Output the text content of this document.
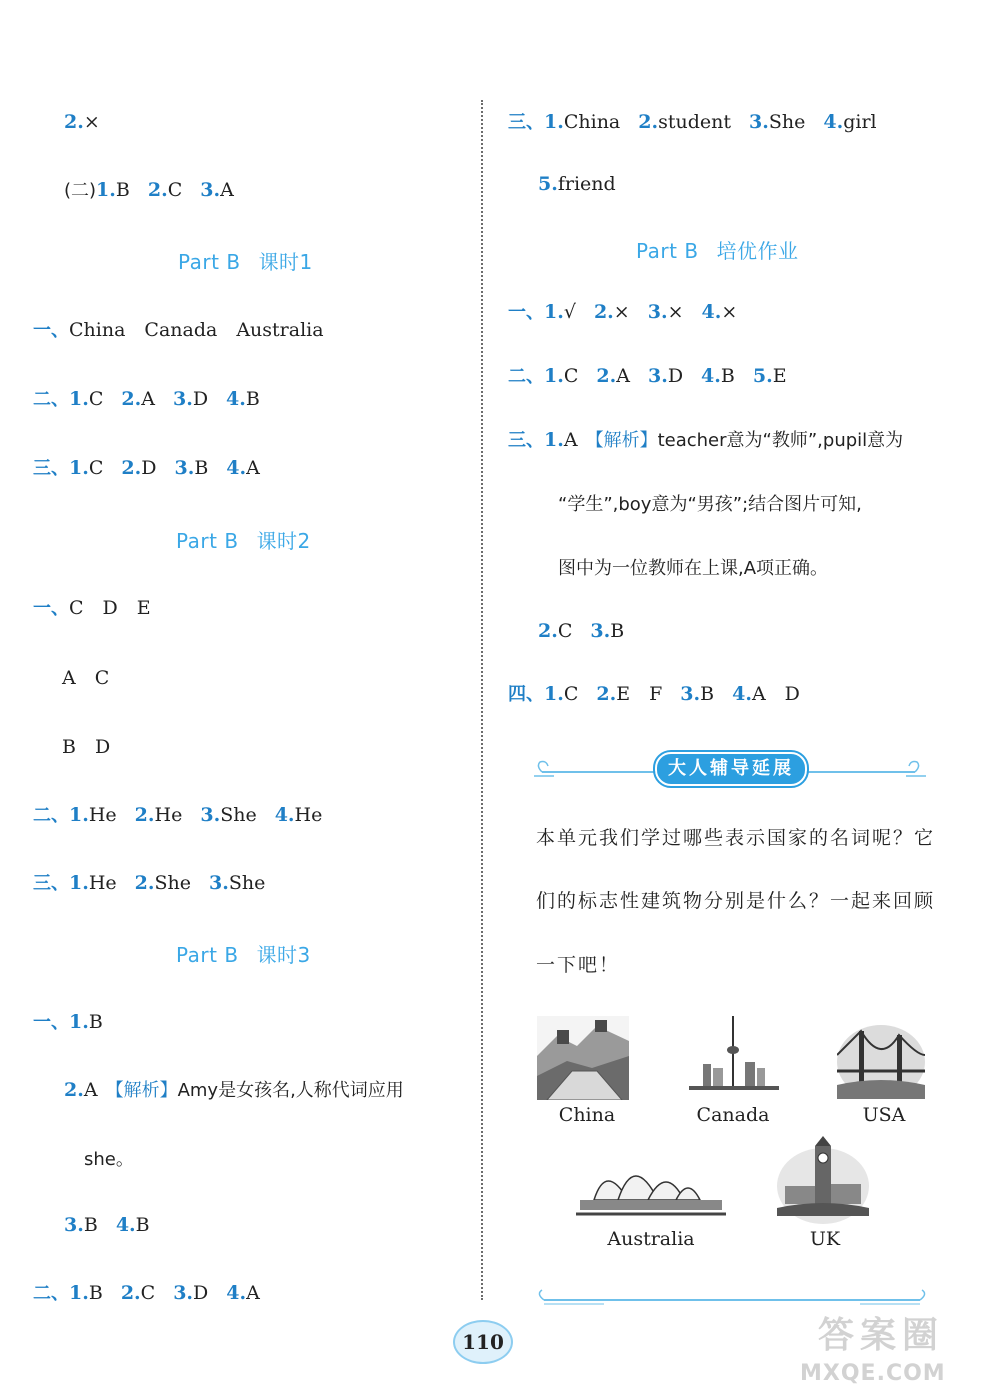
2.×
(二)1.B 2.C 3.A
Part B 课时1
一、China　Canada　Australia
二、1.C 2.A 3.D 4.B
三、1.C 2.D 3.B 4.A
Part B 课时2
一、C　D　E
A　C
B　D
二、1.He 2.He 3.She 4.He
三、1.He 2.She 3.She
Part B 课时3
一、1.B
2.A 【解析】Amy是女孩名,人称代词应用
she。
3.B 4.B
二、1.B 2.C 3.D 4.A
三、1.China 2.student 3.She 4.girl
5.friend
Part B 培优作业
一、1.√ 2.× 3.× 4.×
二、1.C 2.A 3.D 4.B 5.E
三、1.A 【解析】teacher意为“教师”,pupil意为
“学生”,boy意为“男孩”;结合图片可知,
图中为一位教师在上课,A项正确。
2.C 3.B
四、1.C 2.E　F 3.B 4.A　D
大人辅导延展
本单元我们学过哪些表示国家的名词呢？它
们的标志性建筑物分别是什么？一起来回顾
一下吧！
China	Canada	USA
Australia	UK
110	答案圈
MXQE.COM
